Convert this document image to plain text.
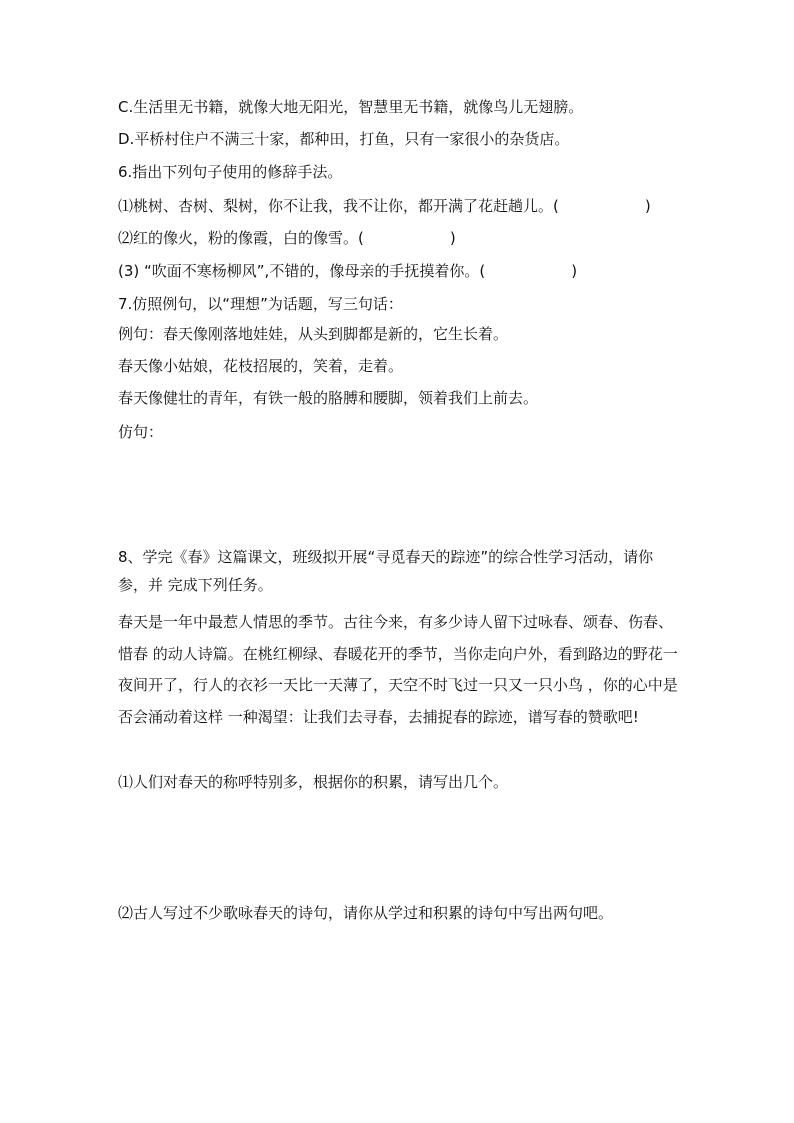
C.生活里无书籍，就像大地无阳光，智慧里无书籍，就像鸟儿无翅膀。
D.平桥村住户不满三十家，都种田，打鱼，只有一家很小的杂货店。
6.指出下列句子使用的修辞手法。
⑴桃树、杏树、梨树，你不让我，我不让你，都开满了花赶趟儿。(	)
⑵红的像火，粉的像霞，白的像雪。(	)
(3) “吹面不寒杨柳风”,不错的，像母亲的手抚摸着你。(	)
7.仿照例句，以“理想”为话题，写三句话：
例句：春天像刚落地娃娃，从头到脚都是新的，它生长着。
春天像小姑娘，花枝招展的，笑着，走着。
春天像健壮的青年，有铁一般的胳膊和腰脚，领着我们上前去。
仿句：
8、学完《春》这篇课文，班级拟开展“寻觅春天的踪迹”的综合性学习活动，请你参，并 完成下列任务。
春天是一年中最惹人情思的季节。古往今来，有多少诗人留下过咏春、颂春、伤春、惜春 的动人诗篇。在桃红柳绿、春暖花开的季节，当你走向户外，看到路边的野花一夜间开了，行人的衣衫一天比一天薄了，天空不时飞过一只又一只小鸟 ，你的心中是否会涌动着这样 一种渴望：让我们去寻春，去捕捉春的踪迹，谱写春的赞歌吧!
⑴人们对春天的称呼特别多，根据你的积累，请写出几个。
⑵古人写过不少歌咏春天的诗句，请你从学过和积累的诗句中写出两句吧。
